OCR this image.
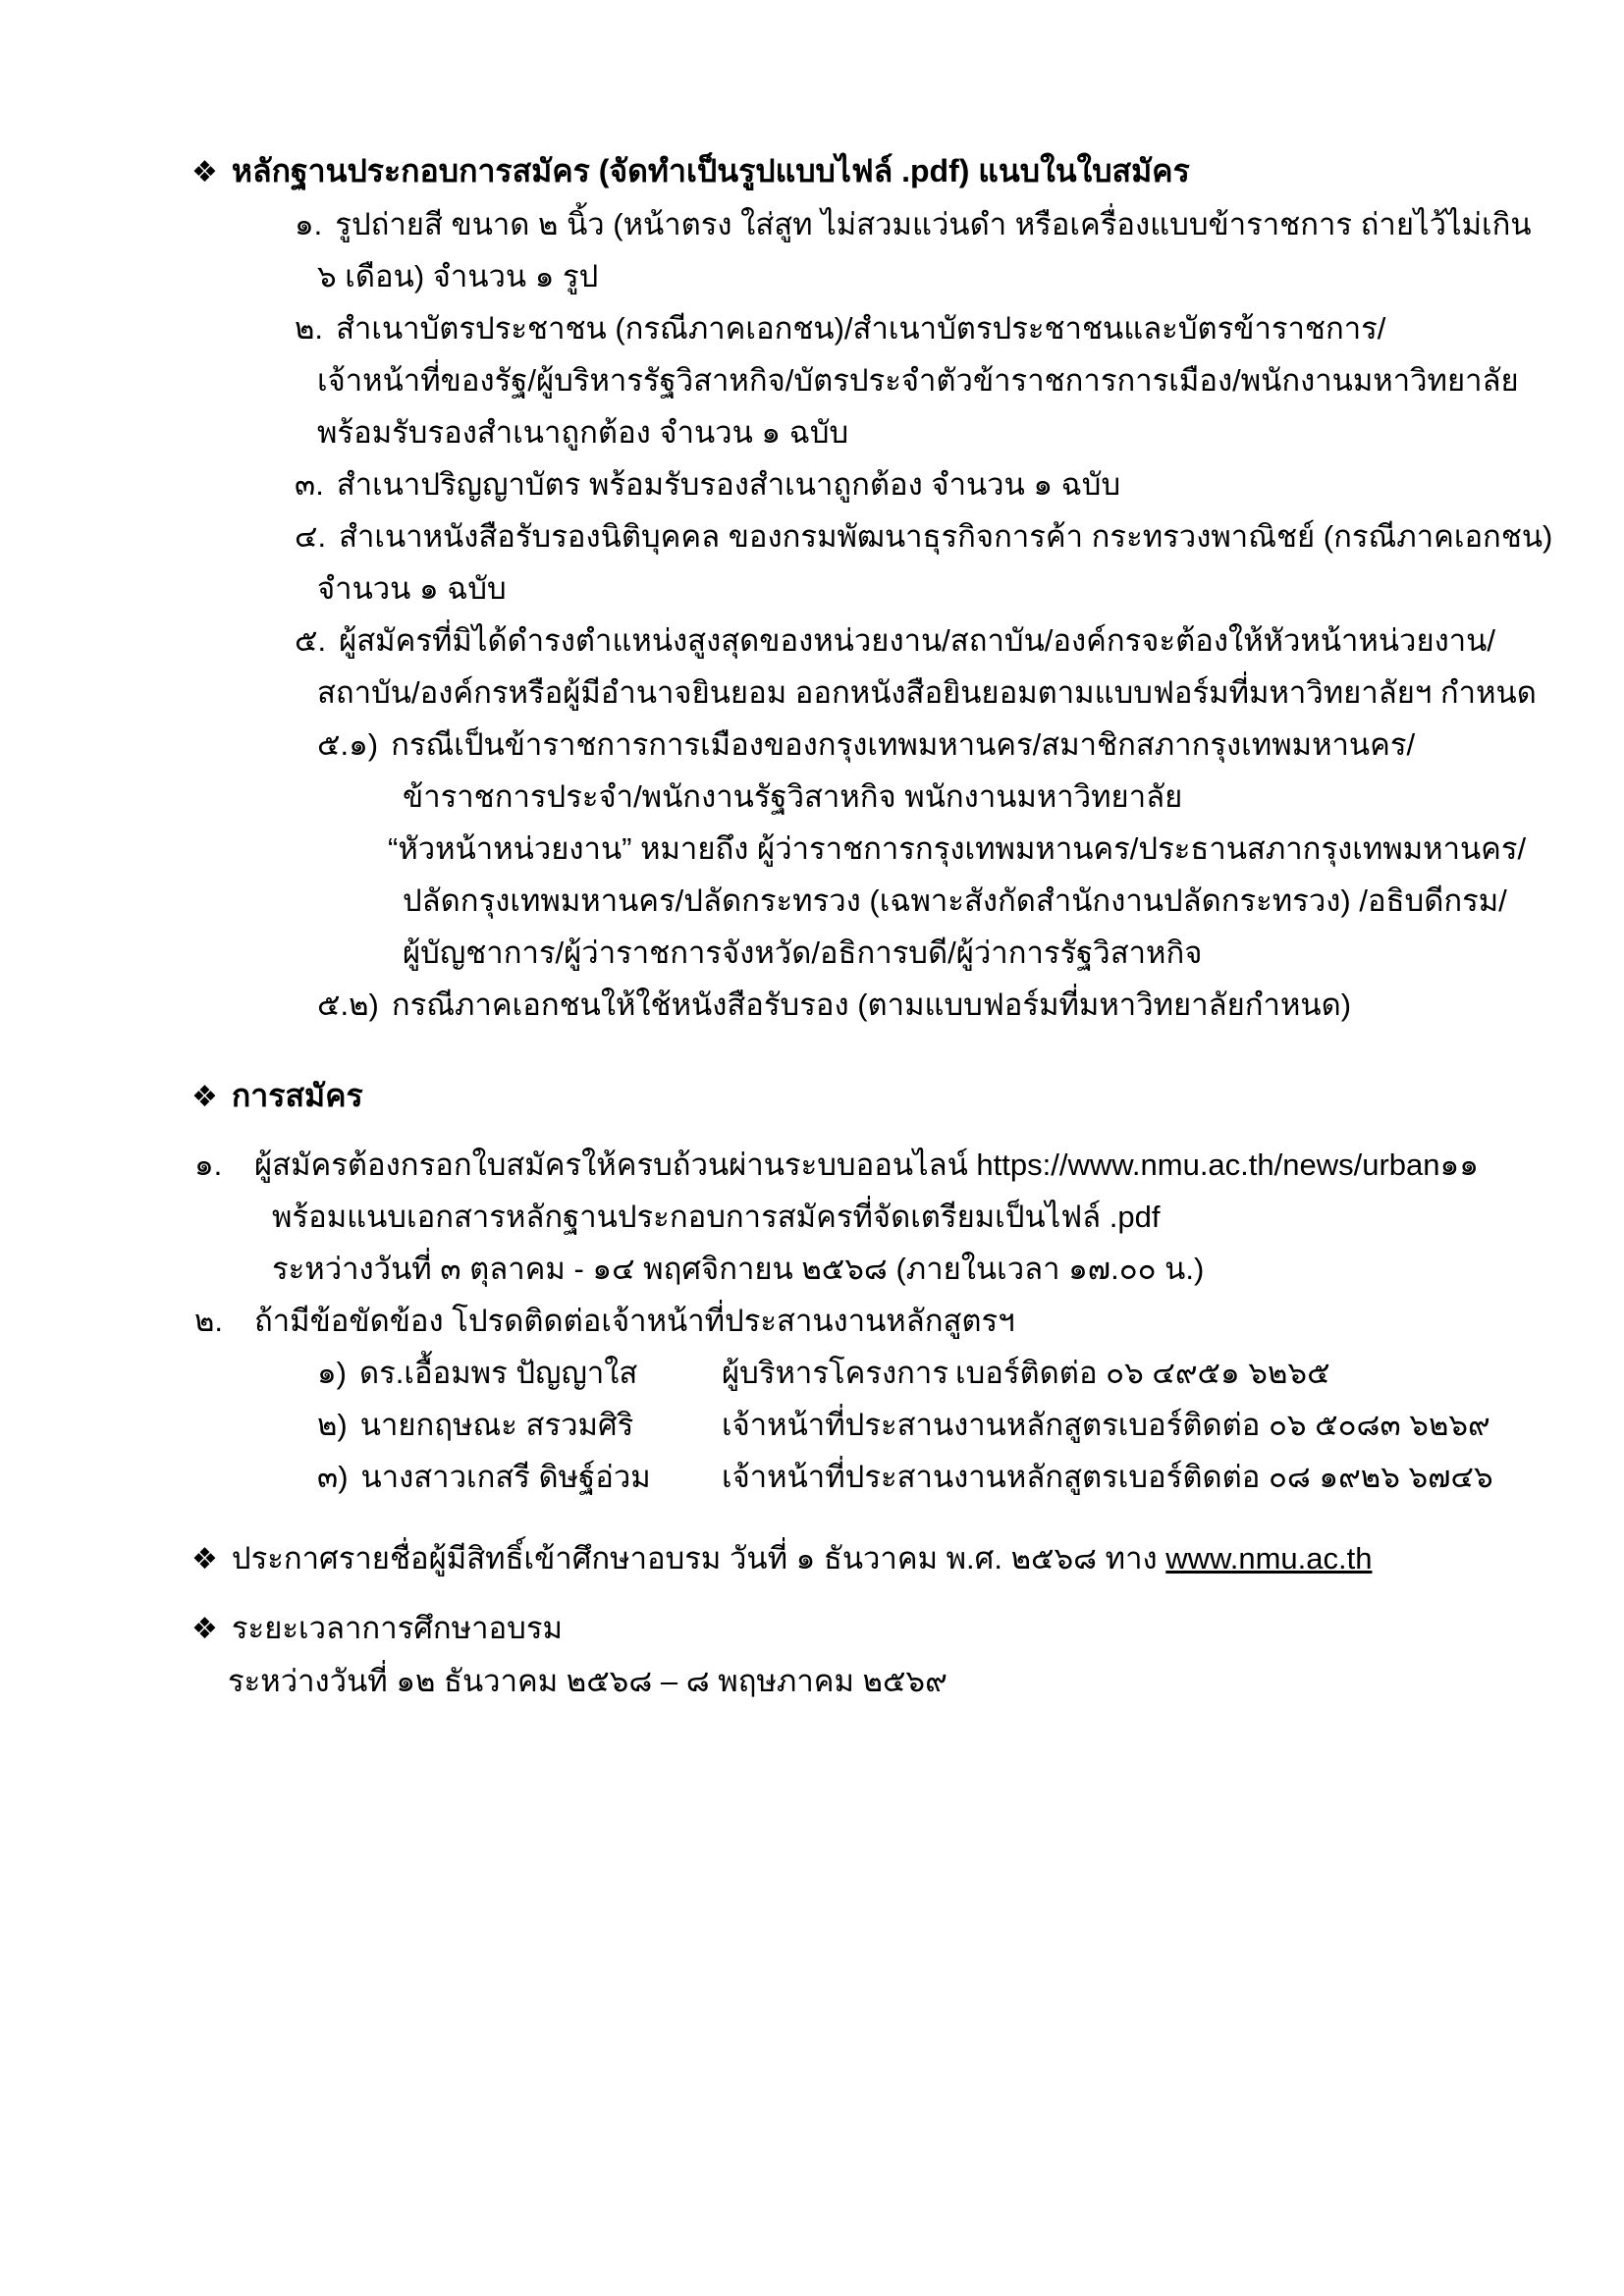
❖ หลักฐานประกอบการสมัคร (จัดทำเป็นรูปแบบไฟล์ .pdf) แนบในใบสมัคร
๑. รูปถ่ายสี ขนาด ๒ นิ้ว (หน้าตรง ใส่สูท ไม่สวมแว่นดำ หรือเครื่องแบบข้าราชการ ถ่ายไว้ไม่เกิน
๖ เดือน) จำนวน ๑ รูป
๒. สำเนาบัตรประชาชน (กรณีภาคเอกชน)/สำเนาบัตรประชาชนและบัตรข้าราชการ/
เจ้าหน้าที่ของรัฐ/ผู้บริหารรัฐวิสาหกิจ/บัตรประจำตัวข้าราชการการเมือง/พนักงานมหาวิทยาลัย
พร้อมรับรองสำเนาถูกต้อง จำนวน ๑ ฉบับ
๓. สำเนาปริญญาบัตร พร้อมรับรองสำเนาถูกต้อง จำนวน ๑ ฉบับ
๔. สำเนาหนังสือรับรองนิติบุคคล ของกรมพัฒนาธุรกิจการค้า กระทรวงพาณิชย์ (กรณีภาคเอกชน)
จำนวน ๑ ฉบับ
๕. ผู้สมัครที่มิได้ดำรงตำแหน่งสูงสุดของหน่วยงาน/สถาบัน/องค์กรจะต้องให้หัวหน้าหน่วยงาน/
สถาบัน/องค์กรหรือผู้มีอำนาจยินยอม ออกหนังสือยินยอมตามแบบฟอร์มที่มหาวิทยาลัยฯ กำหนด
๕.๑) กรณีเป็นข้าราชการการเมืองของกรุงเทพมหานคร/สมาชิกสภากรุงเทพมหานคร/
ข้าราชการประจำ/พนักงานรัฐวิสาหกิจ พนักงานมหาวิทยาลัย
“หัวหน้าหน่วยงาน” หมายถึง ผู้ว่าราชการกรุงเทพมหานคร/ประธานสภากรุงเทพมหานคร/
ปลัดกรุงเทพมหานคร/ปลัดกระทรวง (เฉพาะสังกัดสำนักงานปลัดกระทรวง) /อธิบดีกรม/
ผู้บัญชาการ/ผู้ว่าราชการจังหวัด/อธิการบดี/ผู้ว่าการรัฐวิสาหกิจ
๕.๒) กรณีภาคเอกชนให้ใช้หนังสือรับรอง (ตามแบบฟอร์มที่มหาวิทยาลัยกำหนด)
❖ การสมัคร
๑. ผู้สมัครต้องกรอกใบสมัครให้ครบถ้วนผ่านระบบออนไลน์ https://www.nmu.ac.th/news/urban๑๑
พร้อมแนบเอกสารหลักฐานประกอบการสมัครที่จัดเตรียมเป็นไฟล์ .pdf
ระหว่างวันที่ ๓ ตุลาคม - ๑๔ พฤศจิกายน ๒๕๖๘ (ภายในเวลา ๑๗.๐๐ น.)
๒. ถ้ามีข้อขัดข้อง โปรดติดต่อเจ้าหน้าที่ประสานงานหลักสูตรฯ
๑) ดร.เอื้อมพร ปัญญาใส	ผู้บริหารโครงการ เบอร์ติดต่อ ๐๖ ๔๙๕๑ ๖๒๖๕
๒) นายกฤษณะ สรวมศิริ	เจ้าหน้าที่ประสานงานหลักสูตร เบอร์ติดต่อ ๐๖ ๕๐๘๓ ๖๒๖๙
๓) นางสาวเกสรี ดิษฐ์อ่วม	เจ้าหน้าที่ประสานงานหลักสูตร เบอร์ติดต่อ ๐๘ ๑๙๒๖ ๖๗๔๖
❖ ประกาศรายชื่อผู้มีสิทธิ์เข้าศึกษาอบรม วันที่ ๑ ธันวาคม พ.ศ. ๒๕๖๘ ทาง www.nmu.ac.th

❖ ระยะเวลาการศึกษาอบรม
ระหว่างวันที่ ๑๒ ธันวาคม ๒๕๖๘ – ๘ พฤษภาคม ๒๕๖๙
